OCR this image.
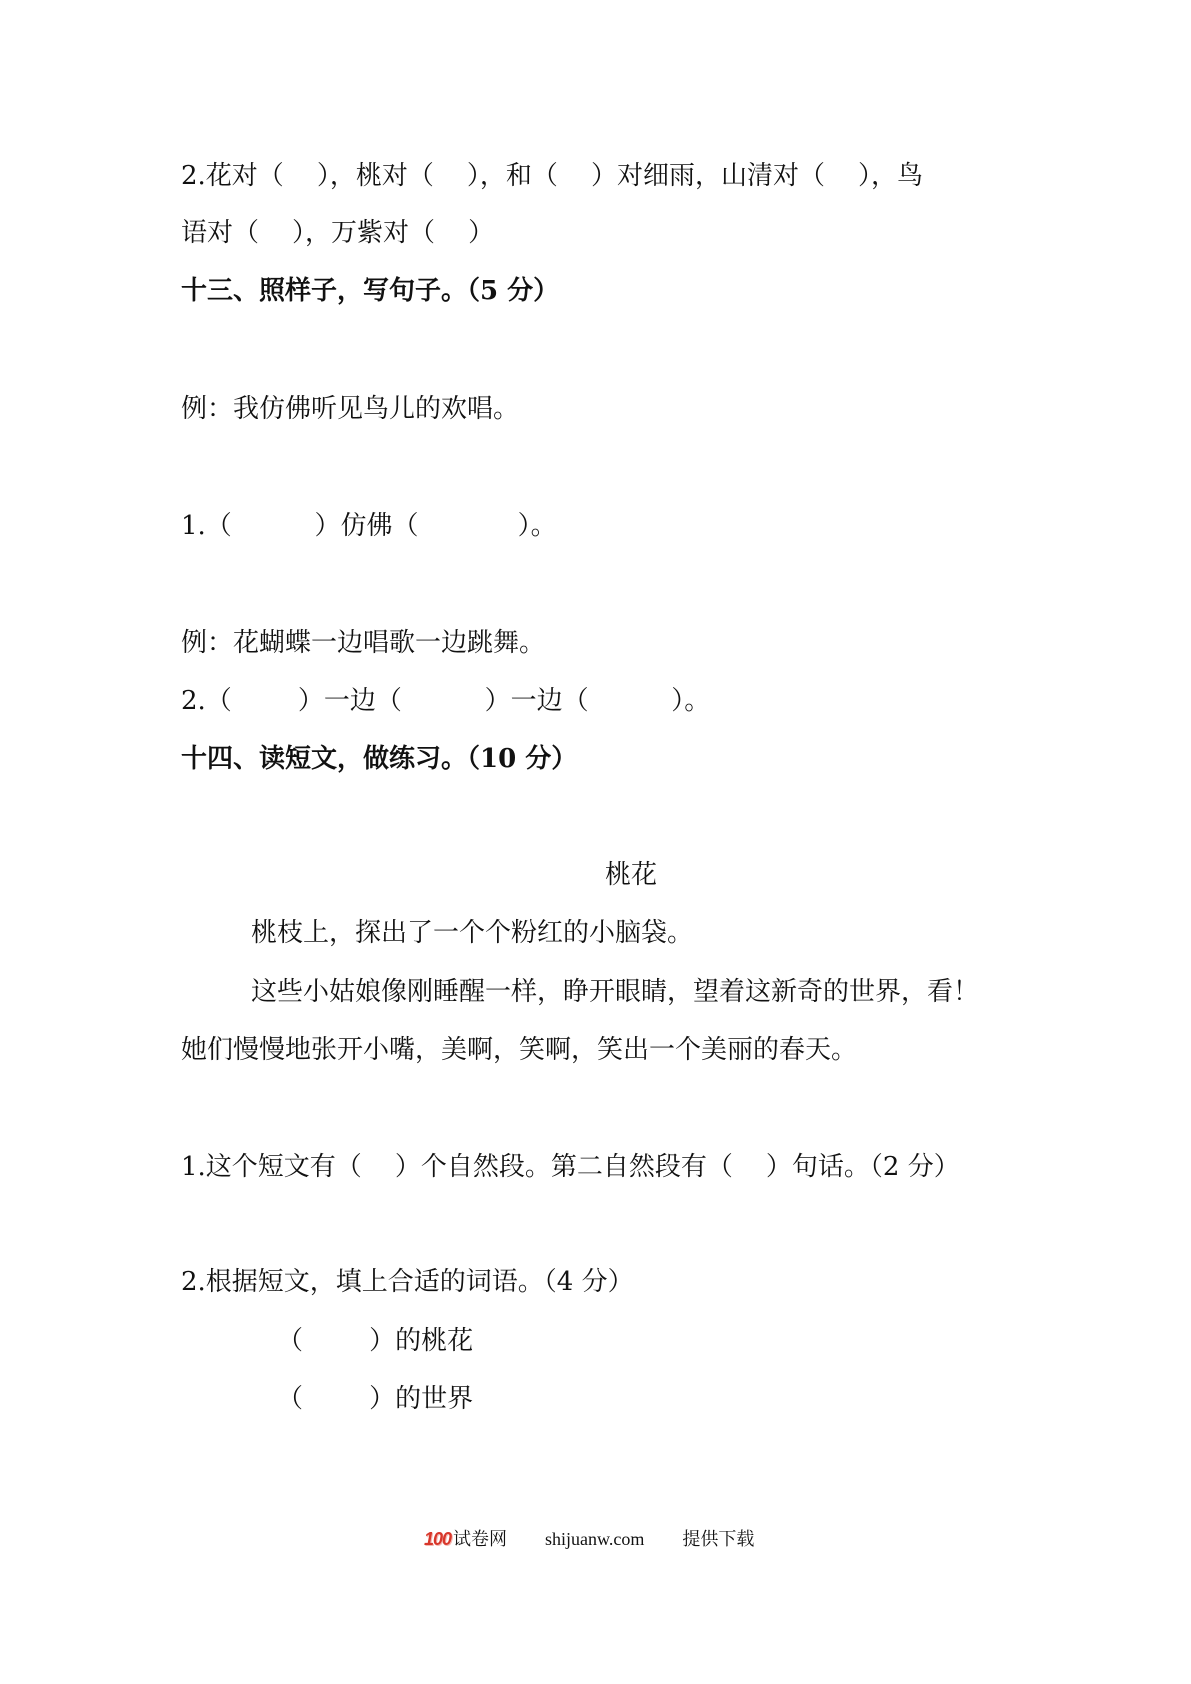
2.花对（    ），桃对（    ），和（    ）对细雨，山清对（    ），鸟

语对（    ），万紫对（    ）

十三、照样子，写句子。（5 分）

例：我仿佛听见鸟儿的欢唱。

1.（          ）仿佛（            ）。

例：花蝴蝶一边唱歌一边跳舞。

2.（        ）一边（          ）一边（          ）。

十四、读短文，做练习。（10 分）

桃花

桃枝上，探出了一个个粉红的小脑袋。

这些小姑娘像刚睡醒一样，睁开眼睛，望着这新奇的世界，看！

她们慢慢地张开小嘴，美啊，笑啊，笑出一个美丽的春天。

1.这个短文有（    ）个自然段。第二自然段有（    ）句话。（2 分）

2.根据短文，填上合适的词语。（4 分）

（        ）的桃花

（        ）的世界

100 试卷网 shijuanw.com 提供下载
